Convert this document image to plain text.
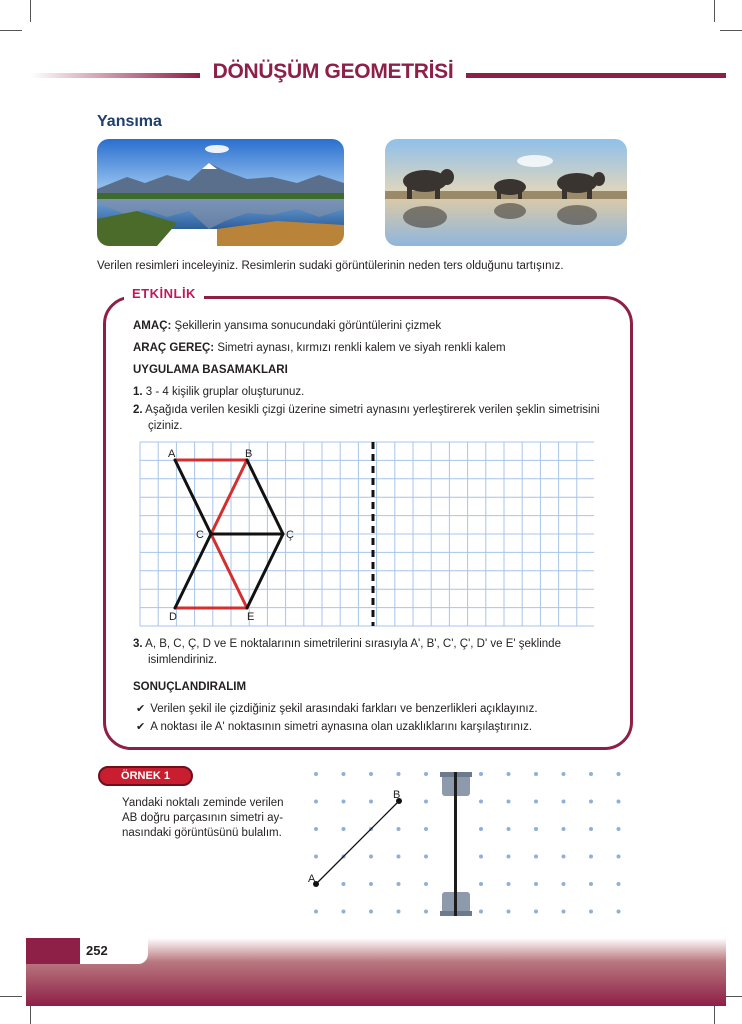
DÖNÜŞÜM GEOMETRİSİ
Yansıma
Verilen resimleri inceleyiniz. Resimlerin sudaki görüntülerinin neden ters olduğunu tartışınız.
ETKİNLİK
AMAÇ: Şekillerin yansıma sonucundaki görüntülerini çizmek
ARAÇ GEREÇ: Simetri aynası, kırmızı renkli kalem ve siyah renkli kalem
UYGULAMA BASAMAKLARI
1. 3 - 4 kişilik gruplar oluşturunuz.
2. Aşağıda verilen kesikli çizgi üzerine simetri aynasını yerleştirerek verilen şeklin simetrisini
çiziniz.
A	B
C	Ç
D	E
3. A, B, C, Ç, D ve E noktalarının simetrilerini sırasıyla A', B', C', Ç', D' ve E' şeklinde
isimlendiriniz.
SONUÇLANDIRALIM
✔ Verilen şekil ile çizdiğiniz şekil arasındaki farkları ve benzerlikleri açıklayınız.
✔ A noktası ile A' noktasının simetri aynasına olan uzaklıklarını karşılaştırınız.
ÖRNEK 1
Yandaki noktalı zeminde verilen
AB doğru parçasının simetri ay-
nasındaki görüntüsünü bulalım.
A
B
252
